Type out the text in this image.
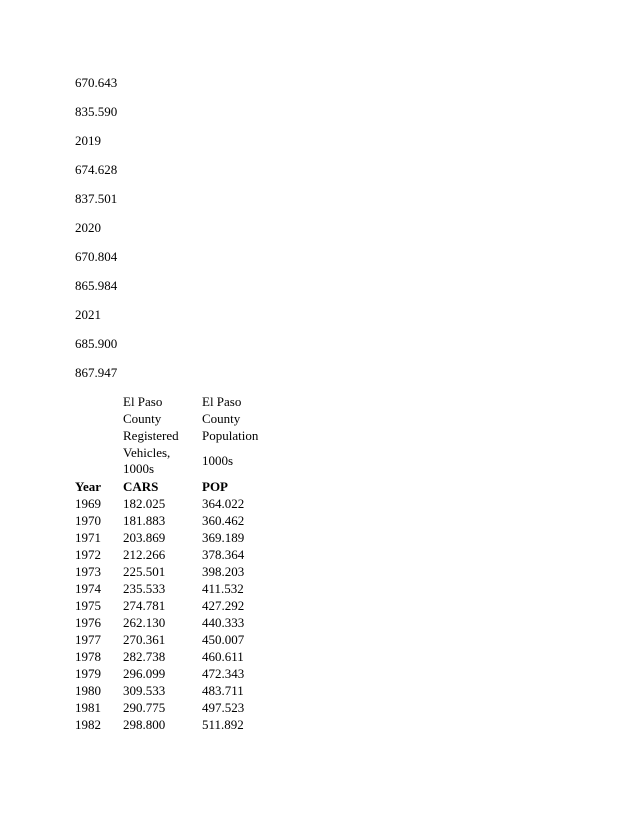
670.643
835.590
2019
674.628
837.501
2020
670.804
865.984
2021
685.900
867.947
	El Paso	El Paso
	County	County
	Registered	Population
	Vehicles, 1000s	1000s
Year	CARS	POP
1969	182.025	364.022
1970	181.883	360.462
1971	203.869	369.189
1972	212.266	378.364
1973	225.501	398.203
1974	235.533	411.532
1975	274.781	427.292
1976	262.130	440.333
1977	270.361	450.007
1978	282.738	460.611
1979	296.099	472.343
1980	309.533	483.711
1981	290.775	497.523
1982	298.800	511.892
